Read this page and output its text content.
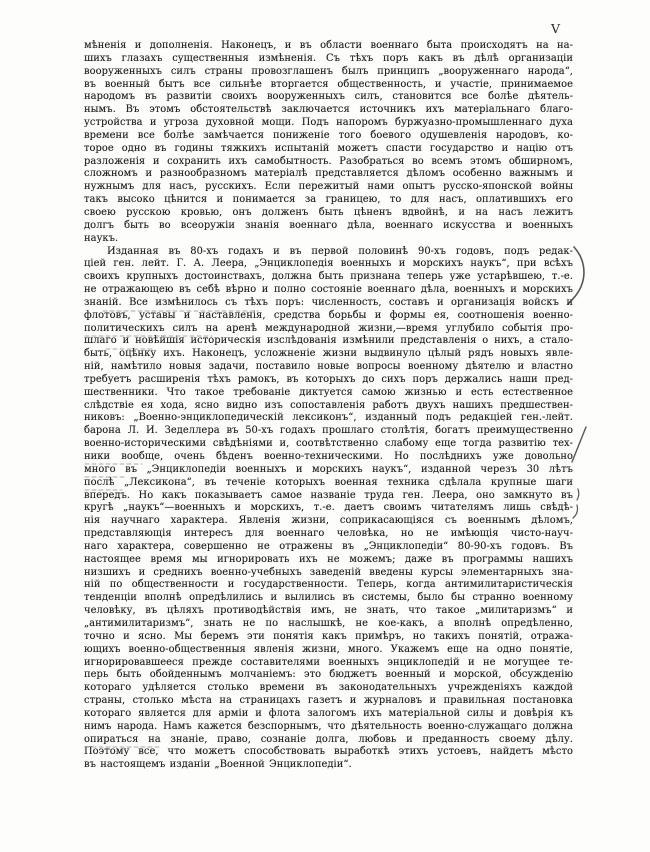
V
мѣненія и дополненія. Наконецъ, и въ области военнаго быта происходятъ на на-
шихъ глазахъ существенныя измѣненія. Съ тѣхъ поръ какъ въ дѣлѣ организаціи
вооруженныхъ силъ страны провозглашенъ былъ принципъ „вооруженнаго народа“,
въ военный бытъ все сильнѣе вторгается общественность, и участіе, принимаемое
народомъ въ развитіи своихъ вооруженныхъ силъ, становится все болѣе дѣятель-
нымъ. Въ этомъ обстоятельствѣ заключается источникъ ихъ матеріальнаго благо-
устройства и угроза духовной мощи. Подъ напоромъ буржуазно-промышленнаго духа
времени все болѣе замѣчается пониженіе того боевого одушевленія народовъ, ко-
торое одно въ годины тяжкихъ испытаній можетъ спасти государство и націю отъ
разложенія и сохранить ихъ самобытность. Разобраться во всемъ этомъ обширномъ,
сложномъ и разнообразномъ матеріалѣ представляется дѣломъ особенно важнымъ и
нужнымъ для насъ, русскихъ. Если пережитый нами опытъ русско-японской войны
такъ высоко цѣнится и понимается за границею, то для насъ, оплатившихъ его
своею русскою кровью, онъ долженъ быть цѣненъ вдвойнѣ, и на насъ лежитъ
долгъ быть во всеоружіи знанія военнаго дѣла, военнаго искусства и военныхъ
наукъ.
Изданная въ 80-хъ годахъ и въ первой половинѣ 90-хъ годовъ, подъ редак-
ціей ген. лейт. Г. А. Леера, „Энциклопедія военныхъ и морскихъ наукъ“, при всѣхъ
своихъ крупныхъ достоинствахъ, должна быть признана теперь уже устарѣвшею, т.-е.
не отражающею въ себѣ вѣрно и полно состояніе военнаго дѣла, военныхъ и морскихъ
знаній. Все измѣнилось съ тѣхъ поръ: численность, составъ и организація войскъ и
флотовъ, уставы и наставленія, средства борьбы и формы ея, соотношенія военно-
политическихъ силъ на аренѣ международной жизни,—время углубило событія про-
шлаго и новѣйшія историческія изслѣдованія измѣнили представленія о нихъ, а стало-
быть, оцѣнку ихъ. Наконецъ, усложненіе жизни выдвинуло цѣлый рядъ новыхъ явле-
ній, намѣтило новыя задачи, поставило новые вопросы военному дѣятелю и властно
требуетъ расширенія тѣхъ рамокъ, въ которыхъ до сихъ поръ держались наши пред-
шественники. Что такое требованіе диктуется самою жизнью и есть естественное
слѣдствіе ея хода, ясно видно изъ сопоставленія работъ двухъ нашихъ предшествен-
никовъ: „Военно-энциклопедическій лексиконъ“, изданный подъ редакціей ген.-лейт.
барона Л. И. Зеделлера въ 50-хъ годахъ прошлаго столѣтія, богатъ преимущественно
военно-историческими свѣдѣніями и, соотвѣтственно слабому еще тогда развитію тех-
ники вообще, очень бѣденъ военно-техническими. Но послѣднихъ уже довольно
много въ „Энциклопедіи военныхъ и морскихъ наукъ“, изданной черезъ 30 лѣтъ
послѣ „Лексикона“, въ теченіе которыхъ военная техника сдѣлала крупные шаги
впередъ. Но какъ показываетъ самое названіе труда ген. Леера, оно замкнуто въ
кругѣ „наукъ“—военныхъ и морскихъ, т.-е. даетъ своимъ читателямъ лишь свѣдѣ-
нія научнаго характера. Явленія жизни, соприкасающіяся съ военнымъ дѣломъ,
представляющія интересъ для военнаго человѣка, но не имѣющія чисто-науч-
наго характера, совершенно не отражены въ „Энциклопедіи“ 80-90-хъ годовъ. Въ
настоящее время мы игнорировать ихъ не можемъ; даже въ программы нашихъ
низшихъ и среднихъ военно-учебныхъ заведеній введены курсы элементарныхъ зна-
ній по общественности и государственности. Теперь, когда антимилитаристическія
тенденціи вполнѣ опредѣлились и вылились въ системы, было бы странно военному
человѣку, въ цѣляхъ противодѣйствія имъ, не знать, что такое „милитаризмъ“ и
„антимилитаризмъ“, знать не по наслышкѣ, не кое-какъ, а вполнѣ опредѣленно,
точно и ясно. Мы беремъ эти понятія какъ примѣръ, но такихъ понятій, отража-
ющихъ военно-общественныя явленія жизни, много. Укажемъ еще на одно понятіе,
игнорировавшееся прежде составителями военныхъ энциклопедій и не могущее те-
перь быть обойденнымъ молчаніемъ: это бюджетъ военный и морской, обсужденію
котораго удѣляется столько времени въ законодательныхъ учрежденіяхъ каждой
страны, столько мѣста на страницахъ газетъ и журналовъ и правильная постановка
котораго является для арміи и флота залогомъ ихъ матеріальной силы и довѣрія къ
нимъ народа. Намъ кажется безспорнымъ, что дѣятельность военно-служащаго должна
опираться на знаніе, право, сознаніе долга, любовь и преданность своему дѣлу.
Поэтому все, что можетъ способствовать выработкѣ этихъ устоевъ, найдетъ мѣсто
въ настоящемъ изданіи „Военной Энциклопедіи“.
